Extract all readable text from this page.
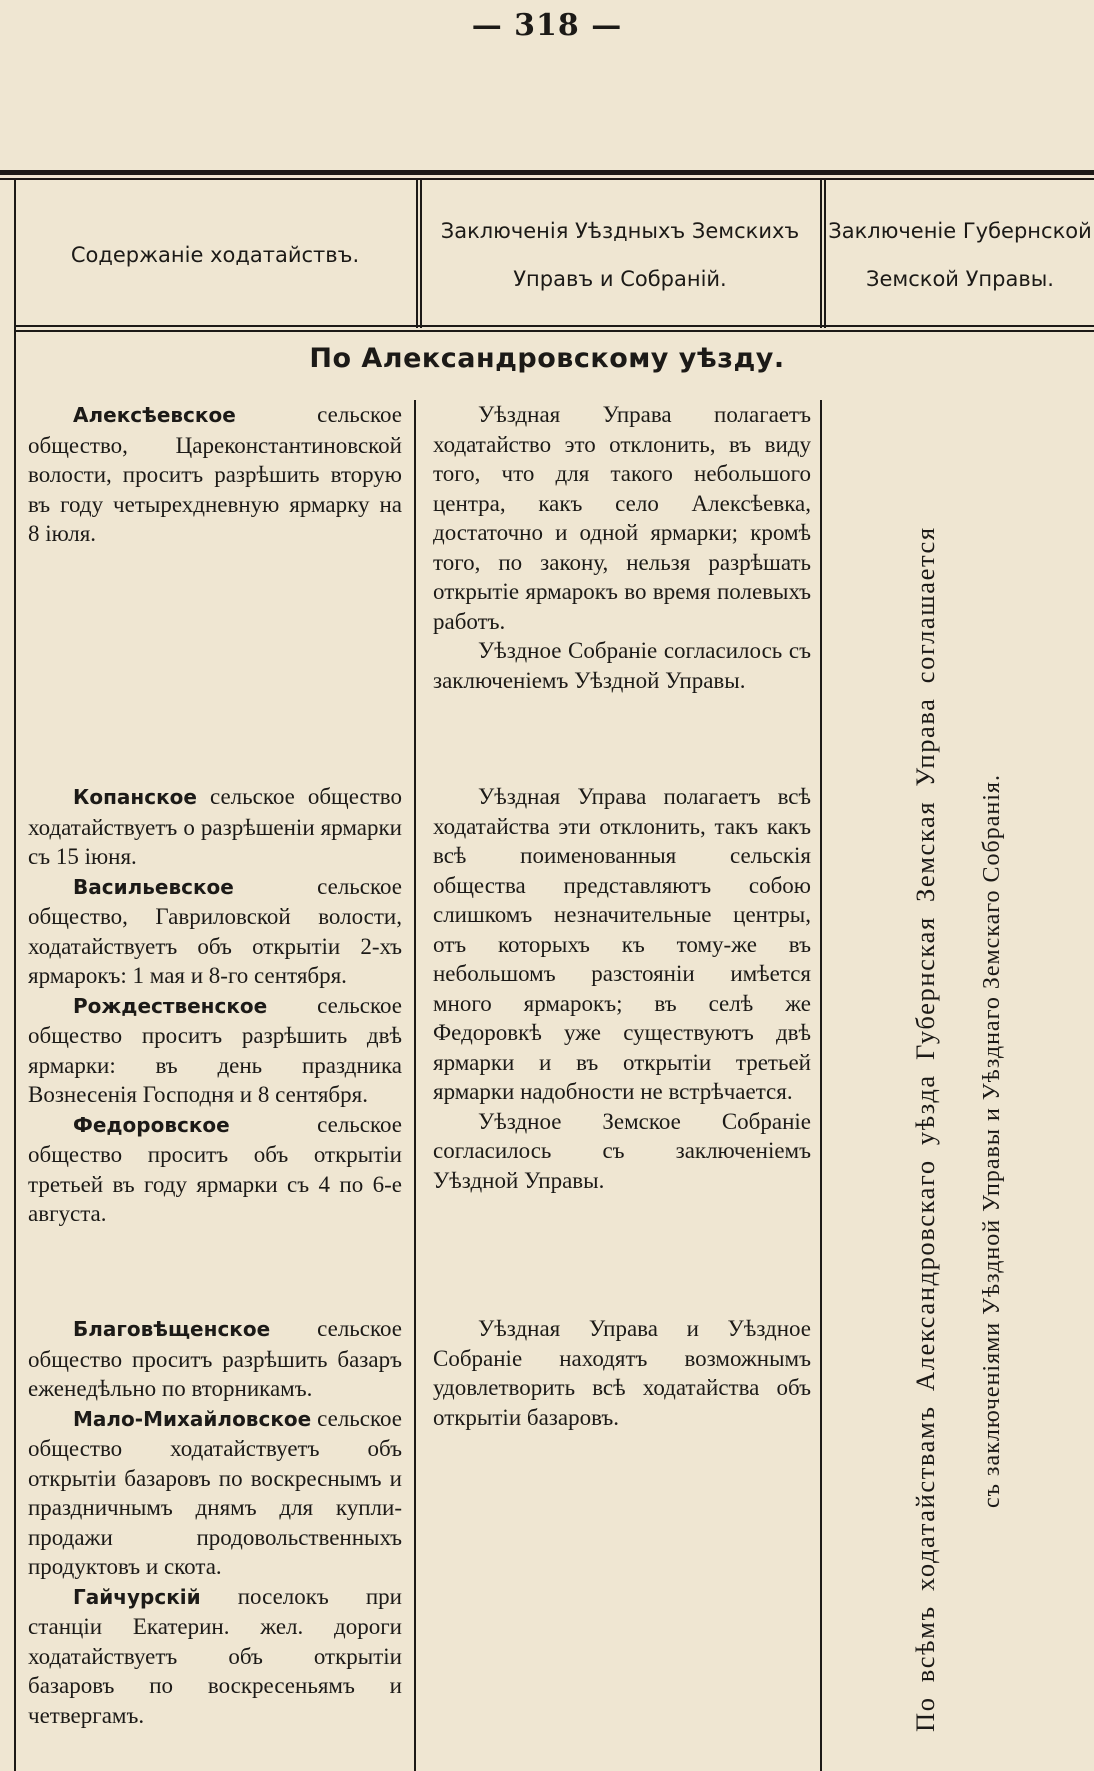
— 318 —
Содержаніе ходатайствъ.
Заключенія Уѣздныхъ Земскихъ
Управъ и Собраній.
Заключеніе Губернской
Земской Управы.
По Александровскому уѣзду.

Алексѣевское сельское общество, Цареконстантиновской волости, проситъ разрѣшить вторую въ году четырехдневную ярмарку на 8 іюля.

Копанское сельское общество ходатайствуетъ о разрѣшеніи ярмарки съ 15 іюня.

Васильевское сельское общество, Гавриловской волости, ходатайствуетъ объ открытіи 2-хъ ярмарокъ: 1 мая и 8-го сентября.

Рождественское сельское общество проситъ разрѣшить двѣ ярмарки: въ день праздника Вознесенія Господня и 8 сентября.

Федоровское сельское общество проситъ объ открытіи третьей въ году ярмарки съ 4 по 6-е августа.

Благовѣщенское сельское общество проситъ разрѣшить базаръ еженедѣльно по вторникамъ.

Мало-Михайловское сельское общество ходатайствуетъ объ открытіи базаровъ по воскреснымъ и праздничнымъ днямъ для купли-продажи продовольственныхъ продуктовъ и скота.

Гайчурскій поселокъ при станціи Екатерин. жел. дороги ходатайствуетъ объ открытіи базаровъ по воскресеньямъ и четвергамъ.

Уѣздная Управа полагаетъ ходатайство это отклонить, въ виду того, что для такого небольшого центра, какъ село Алексѣевка, достаточно и одной ярмарки; кромѣ того, по закону, нельзя разрѣшать открытіе ярмарокъ во время полевыхъ работъ.

Уѣздное Собраніе согласилось съ заключеніемъ Уѣздной Управы.

Уѣздная Управа полагаетъ всѣ ходатайства эти отклонить, такъ какъ всѣ поименованныя сельскія общества представляютъ собою слишкомъ незначительные центры, отъ которыхъ къ тому-же въ небольшомъ разстояніи имѣется много ярмарокъ; въ селѣ же Федоровкѣ уже существуютъ двѣ ярмарки и въ открытіи третьей ярмарки надобности не встрѣчается.

Уѣздное Земское Собраніе согласилось съ заключеніемъ Уѣздной Управы.

Уѣздная Управа и Уѣздное Собраніе находятъ возможнымъ удовлетворить всѣ ходатайства объ открытіи базаровъ.	По всѣмъ ходатайствамъ Александровскаго уѣзда Губернская Земская Управа соглашается съ заключеніями Уѣздной Управы и Уѣзднаго Земскаго Собранія.
